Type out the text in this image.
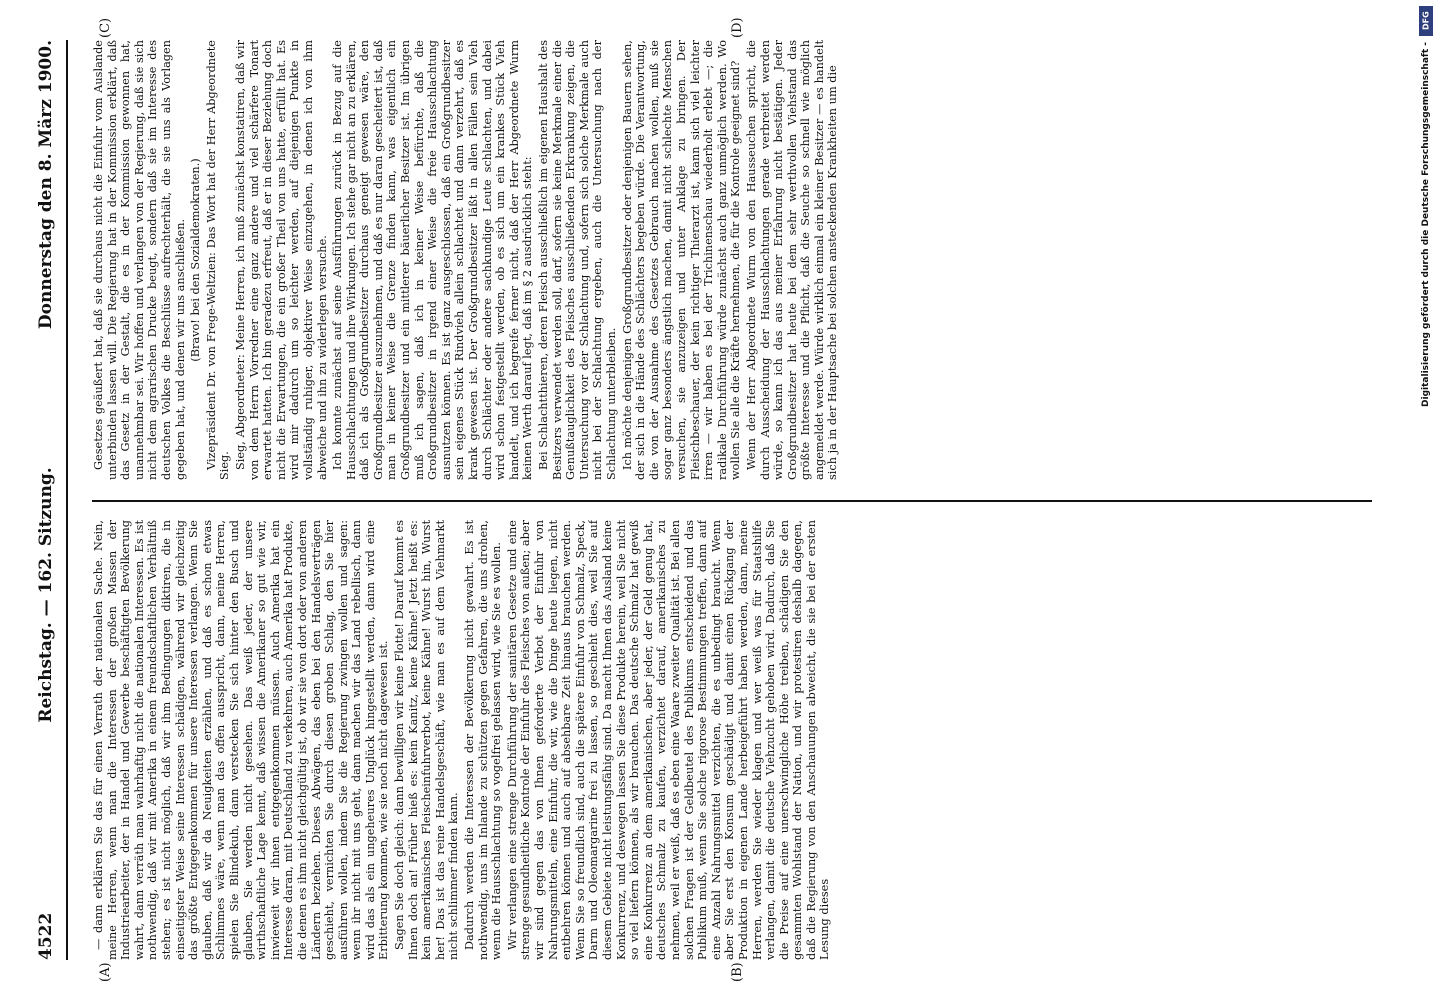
4522
Reichstag. — 162. Sitzung.
Donnerstag den 8. März 1900.
(A)	(B)
(C)	(D)

— dann erklären Sie das für einen Verrath der nationalen Sache. Nein, meine Herren, wenn man die Interessen der großen Massen der Industriearbeiter, der in Handel und Gewerbe beschäftigten Bevölkerung wahrt, dann verräth man wahrhaftig nicht die nationalen Interessen. Es ist nothwendig, daß wir mit Amerika in einem freundschaftlichen Verhältniß stehen; es ist nicht möglich, daß wir ihm Bedingungen diktiren, die in einseitigster Weise seine Interessen schädigen, während wir gleichzeitig das größte Entgegenkommen für unsere Interessen verlangen. Wenn Sie glauben, daß wir da Neuigkeiten erzählen, und daß es schon etwas Schlimmes wäre, wenn man das offen ausspricht, dann, meine Herren, spielen Sie Blindekuh, dann verstecken Sie sich hinter den Busch und glauben, Sie werden nicht gesehen. Das weiß jeder, der unsere wirthschaftliche Lage kennt, daß wissen die Amerikaner so gut wie wir, inwieweit wir ihnen entgegenkommen müssen. Auch Amerika hat ein Interesse daran, mit Deutschland zu verkehren, auch Amerika hat Produkte, die denen es ihm nicht gleichgültig ist, ob wir sie von dort oder von anderen Ländern beziehen. Dieses Abwägen, das eben bei den Handelsverträgen geschieht, vernichten Sie durch diesen groben Schlag, den Sie hier ausführen wollen, indem Sie die Regierung zwingen wollen und sagen: wenn ihr nicht mit uns geht, dann machen wir das Land rebellisch, dann wird das als ein ungeheures Unglück hingestellt werden, dann wird eine Erbitterung kommen, wie sie noch nicht dagewesen ist. Sagen Sie doch gleich: dann bewilligen wir keine Flotte! Darauf kommt es Ihnen doch an! Früher hieß es: kein Kanitz, keine Kähne! Jetzt heißt es: kein amerikanisches Fleischeinfuhrverbot, keine Kähne! Wurst hin, Wurst her! Das ist das reine Handelsgeschäft, wie man es auf dem Viehmarkt nicht schlimmer finden kann. Dadurch werden die Interessen der Bevölkerung nicht gewahrt. Es ist nothwendig, uns im Inlande zu schützen gegen Gefahren, die uns drohen, wenn die Hausschlachtung so vogelfrei gelassen wird, wie Sie es wollen. Wir verlangen eine strenge Durchführung der sanitären Gesetze und eine strenge gesundheitliche Kontrole der Einfuhr des Fleisches von außen; aber wir sind gegen das von Ihnen geforderte Verbot der Einfuhr von Nahrungsmitteln, eine Einfuhr, die wir, wie die Dinge heute liegen, nicht entbehren können und auch auf absehbare Zeit hinaus brauchen werden. Wenn Sie so freundlich sind, auch die spätere Einfuhr von Schmalz, Speck, Darm und Oleomargarine frei zu lassen, so geschieht dies, weil Sie auf diesem Gebiete nicht leistungsfähig sind. Da macht Ihnen das Ausland keine Konkurrenz, und deswegen lassen Sie diese Produkte herein, weil Sie nicht so viel liefern können, als wir brauchen. Das deutsche Schmalz hat gewiß eine Konkurrenz an dem amerikanischen, aber jeder, der Geld genug hat, deutsches Schmalz zu kaufen, verzichtet darauf, amerikanisches zu nehmen, weil er weiß, daß es eben eine Waare zweiter Qualität ist. Bei allen solchen Fragen ist der Geldbeutel des Publikums entscheidend und das Publikum muß, wenn Sie solche rigorose Bestimmungen treffen, dann auf eine Anzahl Nahrungsmittel verzichten, die es unbedingt braucht. Wenn aber Sie erst den Konsum geschädigt und damit einen Rückgang der Produktion in eigenen Lande herbeigeführt haben werden, dann, meine Herren, werden Sie wieder klagen und wer weiß was für Staatshilfe verlangen, damit die deutsche Viehzucht gehoben wird. Dadurch, daß Sie die Preise auf eine unerschwingliche Höhe treiben, schädigen Sie den gesammten Wohlstand der Nation, und wir protestiren deshalb dagegen, daß die Regierung von den Anschauungen abweicht, die sie bei der ersten Lesung dieses

Gesetzes geäußert hat, daß sie durchaus nicht die Einfuhr vom Auslande unterbinden lassen will. Die Regierung hat in der Kommission erklärt, daß das Gesetz in der Gestalt, die es in der Kommission gewonnen hat, unannehmbar sei. Wir hoffen und verlangen von der Regierung, daß sie sich nicht dem agrarischen Drucke beugt, sondern daß sie im Interesse des deutschen Volkes die Beschlüsse aufrechterhält, die sie uns als Vorlagen gegeben hat, und denen wir uns anschließen. (Bravo! bei den Sozialdemokraten.) Vizepräsident Dr. von Frege-Weltzien: Das Wort hat der Herr Abgeordnete Sieg. Sieg, Abgeordneter: Meine Herren, ich muß zunächst konstatiren, daß wir von dem Herrn Vorredner eine ganz andere und viel schärfere Tonart erwartet hatten. Ich bin geradezu erfreut, daß er in dieser Beziehung doch nicht die Erwartungen, die ein großer Theil von uns hatte, erfüllt hat. Es wird mir dadurch um so leichter werden, auf diejenigen Punkte in vollständig ruhiger, objektiver Weise einzugehen, in denen ich von ihm abweiche und ihn zu widerlegen versuche. Ich konnte zunächst auf seine Ausführungen zurück in Bezug auf die Hausschlachtungen und ihre Wirkungen. Ich stehe gar nicht an zu erklären, daß ich als Großgrundbesitzer durchaus geneigt gewesen wäre, den Großgrundbesitzer auszunehmen, und daß es nur daran gescheitert ist, daß man in keiner Weise die Grenze finden kann, was eigentlich ein Großgrundbesitzer und ein mittlerer bäuerlicher Besitzer ist. Im übrigen muß ich sagen, daß ich in keiner Weise befürchte, daß die Großgrundbesitzer in irgend einer Weise die freie Hausschlachtung ausnutzen können. Es ist ganz ausgeschlossen, daß ein Großgrundbesitzer sein eigenes Stück Rindvieh allein schlachtet und dann verzehrt, daß es krank gewesen ist. Der Großgrundbesitzer läßt in allen Fällen sein Vieh durch Schlächter oder andere sachkundige Leute schlachten, und dabei wird schon festgestellt werden, ob es sich um ein krankes Stück Vieh handelt, und ich begreife ferner nicht, daß der Herr Abgeordnete Wurm keinen Werth darauf legt, daß im § 2 ausdrücklich steht: Bei Schlachtthieren, deren Fleisch ausschließlich im eigenen Haushalt des Besitzers verwendet werden soll, darf, sofern sie keine Merkmale einer die Genußtauglichkeit des Fleisches ausschließenden Erkrankung zeigen, die Untersuchung vor der Schlachtung und, sofern sich solche Merkmale auch nicht bei der Schlachtung ergeben, auch die Untersuchung nach der Schlachtung unterbleiben. Ich möchte denjenigen Großgrundbesitzer oder denjenigen Bauern sehen, der sich in die Hände des Schlächters begeben würde. Die Verantwortung, die von der Ausnahme des Gesetzes Gebrauch machen wollen, muß sie sogar ganz besonders ängstlich machen, damit nicht schlechte Menschen versuchen, sie anzuzeigen und unter Anklage zu bringen. Der Fleischbeschauer, der kein richtiger Thierarzt ist, kann sich viel leichter irren — wir haben es bei der Trichinenschau wiederholt erlebt —; die radikale Durchführung würde zunächst auch ganz unmöglich werden. Wo wollen Sie alle die Kräfte hernehmen, die für die Kontrole geeignet sind? Wenn der Herr Abgeordnete Wurm von den Hausseuchen spricht, die durch Ausscheidung der Hausschlachtungen gerade verbreitet werden würde, so kann ich das aus meiner Erfahrung nicht bestätigen. Jeder Großgrundbesitzer hat heute bei dem sehr werthvollen Viehstand das größte Interesse und die Pflicht, daß die Seuche so schnell wie möglich angemeldet werde. Würde wirklich einmal ein kleiner Besitzer — es handelt sich ja in der Hauptsache bei solchen ansteckenden Krankheiten um die

DFG
Digitalisierung gefördert durch die Deutsche Forschungsgemeinschaft -
